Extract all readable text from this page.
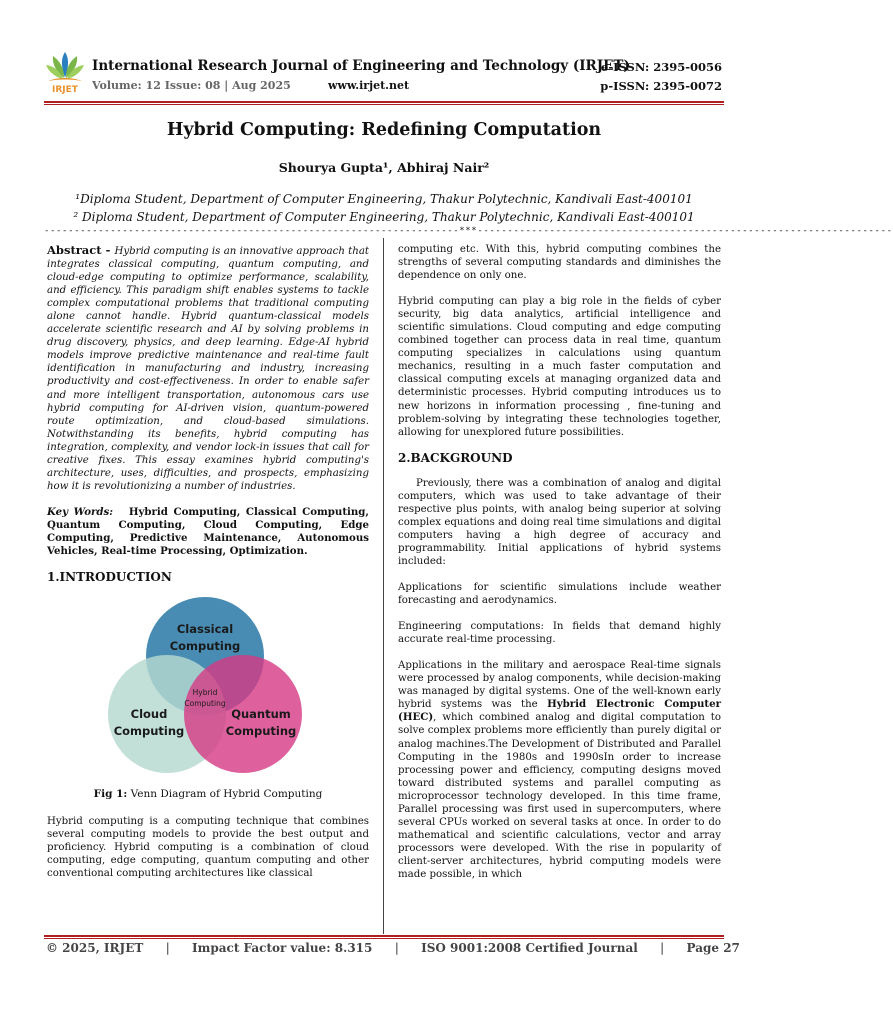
IRJET
International Research Journal of Engineering and Technology (IRJET)
Volume: 12 Issue: 08 | Aug 2025	www.irjet.net
e-ISSN: 2395-0056
p-ISSN: 2395-0072
Hybrid Computing: Redefining Computation
Shourya Gupta¹, Abhiraj Nair²
¹Diploma Student, Department of Computer Engineering, Thakur Polytechnic, Kandivali East-400101
² Diploma Student, Department of Computer Engineering, Thakur Polytechnic, Kandivali East-400101
---------------------------------------------------------------------***---------------------------------------------------------------------

Abstract - Hybrid computing is an innovative approach that integrates classical computing, quantum computing, and cloud-edge computing to optimize performance, scalability, and efficiency. This paradigm shift enables systems to tackle complex computational problems that traditional computing alone cannot handle. Hybrid quantum-classical models accelerate scientific research and AI by solving problems in drug discovery, physics, and deep learning. Edge-AI hybrid models improve predictive maintenance and real-time fault identification in manufacturing and industry, increasing productivity and cost-effectiveness. In order to enable safer and more intelligent transportation, autonomous cars use hybrid computing for AI-driven vision, quantum-powered route optimization, and cloud-based simulations. Notwithstanding its benefits, hybrid computing has integration, complexity, and vendor lock-in issues that call for creative fixes. This essay examines hybrid computing's architecture, uses, difficulties, and prospects, emphasizing how it is revolutionizing a number of industries.

Key Words: Hybrid Computing, Classical Computing, Quantum Computing, Cloud Computing, Edge Computing, Predictive Maintenance, Autonomous Vehicles, Real-time Processing, Optimization.

1.INTRODUCTION
Classical
Computing
Cloud
Computing
Quantum
Computing
Hybrid
Computing
Fig 1: Venn Diagram of Hybrid Computing

Hybrid computing is a computing technique that combines several computing models to provide the best output and proficiency. Hybrid computing is a combination of cloud computing, edge computing, quantum computing and other conventional computing architectures like classical

computing etc. With this, hybrid computing combines the strengths of several computing standards and diminishes the dependence on only one.

Hybrid computing can play a big role in the fields of cyber security, big data analytics, artificial intelligence and scientific simulations. Cloud computing and edge computing combined together can process data in real time, quantum computing specializes in calculations using quantum mechanics, resulting in a much faster computation and classical computing excels at managing organized data and deterministic processes. Hybrid computing introduces us to new horizons in information processing , fine-tuning and problem-solving by integrating these technologies together, allowing for unexplored future possibilities.

2.BACKGROUND

Previously, there was a combination of analog and digital computers, which was used to take advantage of their respective plus points, with analog being superior at solving complex equations and doing real time simulations and digital computers having a high degree of accuracy and programmability. Initial applications of hybrid systems included:

Applications for scientific simulations include weather forecasting and aerodynamics.

Engineering computations: In fields that demand highly accurate real-time processing.

Applications in the military and aerospace Real-time signals were processed by analog components, while decision-making was managed by digital systems. One of the well-known early hybrid systems was the Hybrid Electronic Computer (HEC), which combined analog and digital computation to solve complex problems more efficiently than purely digital or analog machines.The Development of Distributed and Parallel Computing in the 1980s and 1990sIn order to increase processing power and efficiency, computing designs moved toward distributed systems and parallel computing as microprocessor technology developed. In this time frame, Parallel processing was first used in supercomputers, where several CPUs worked on several tasks at once. In order to do mathematical and scientific calculations, vector and array processors were developed. With the rise in popularity of client-server architectures, hybrid computing models were made possible, in which

© 2025, IRJET | Impact Factor value: 8.315 | ISO 9001:2008 Certified Journal | Page 27
